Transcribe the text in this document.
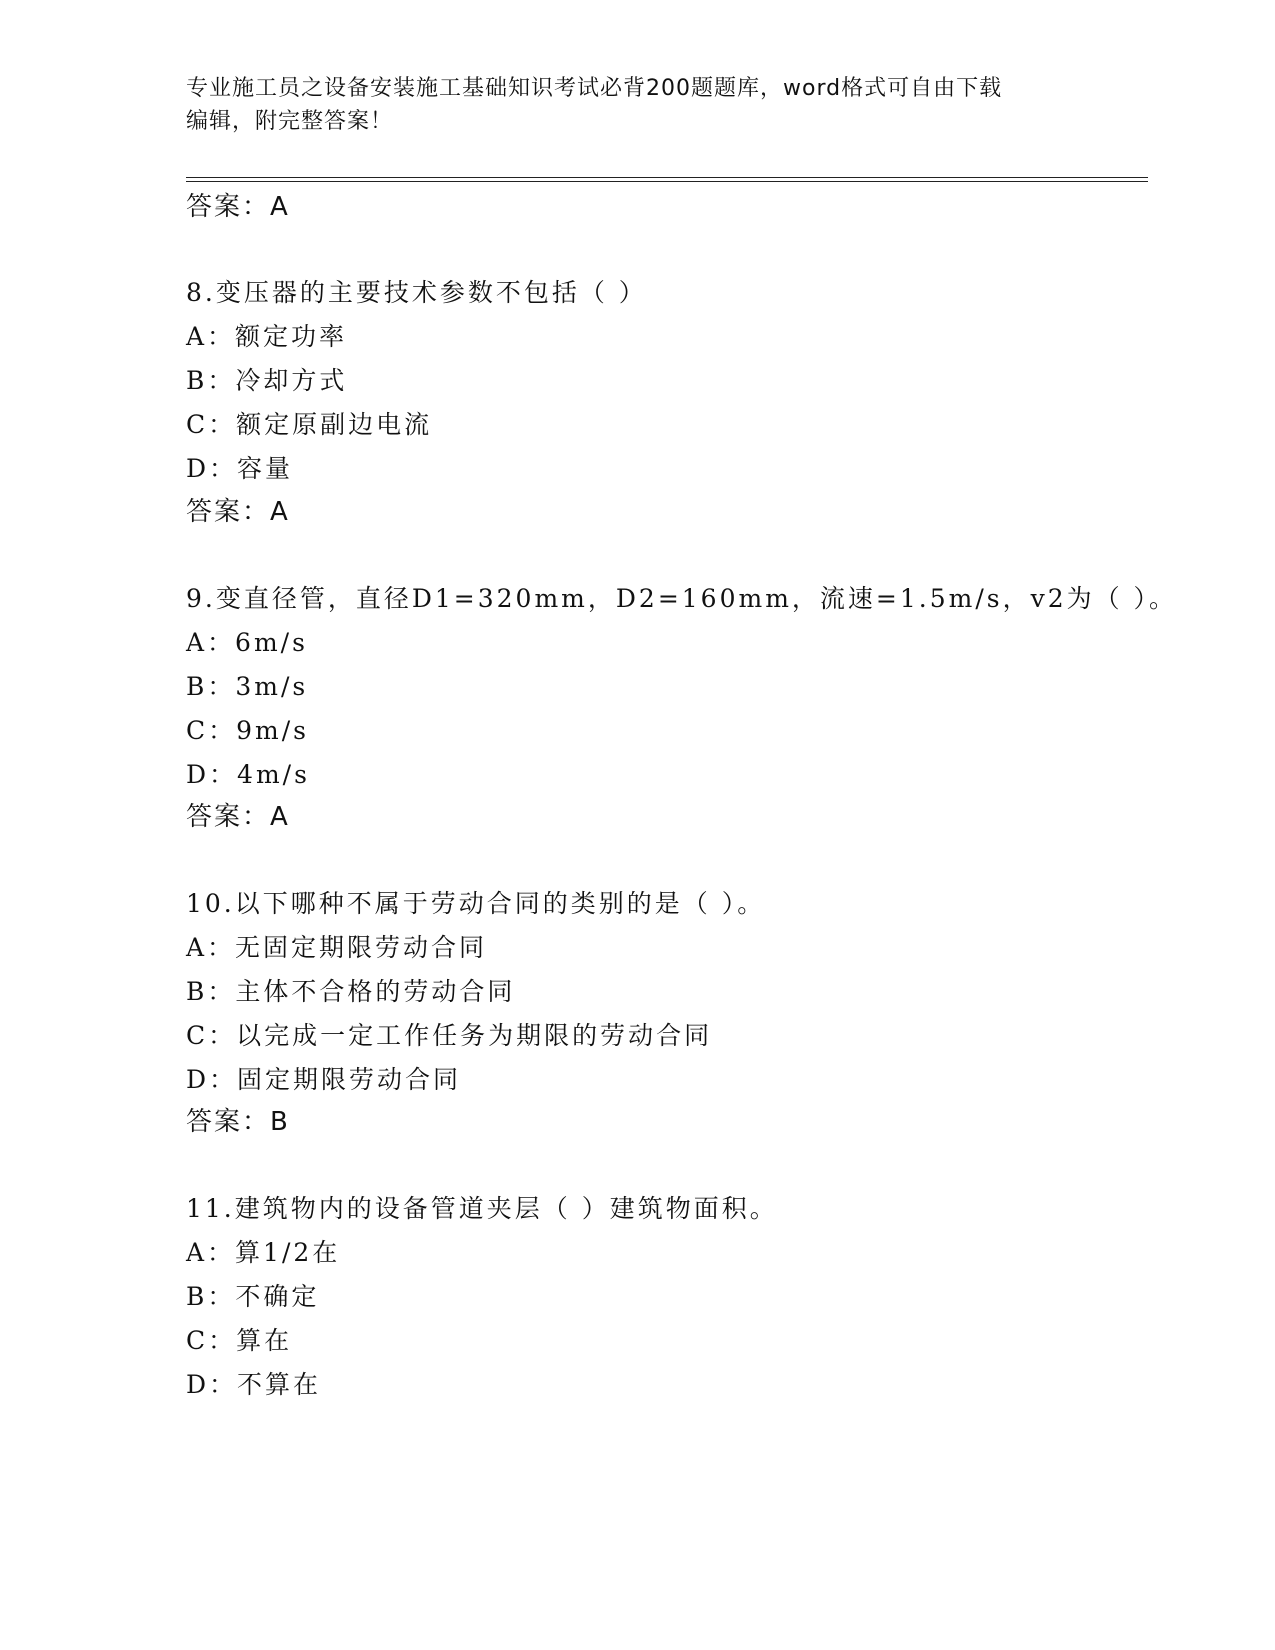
专业施工员之设备安装施工基础知识考试必背200题题库，word格式可自由下载
编辑，附完整答案！
答案：A
8.变压器的主要技术参数不包括（ ）
A：额定功率
B：冷却方式
C：额定原副边电流
D：容量
答案：A
9.变直径管，直径D1=320mm，D2=160mm，流速=1.5m/s，v2为（ ）。
A：6m/s
B：3m/s
C：9m/s
D：4m/s
答案：A
10.以下哪种不属于劳动合同的类别的是（ ）。
A：无固定期限劳动合同
B：主体不合格的劳动合同
C：以完成一定工作任务为期限的劳动合同
D：固定期限劳动合同
答案：B
11.建筑物内的设备管道夹层（ ）建筑物面积。
A：算1/2在
B：不确定
C：算在
D：不算在
